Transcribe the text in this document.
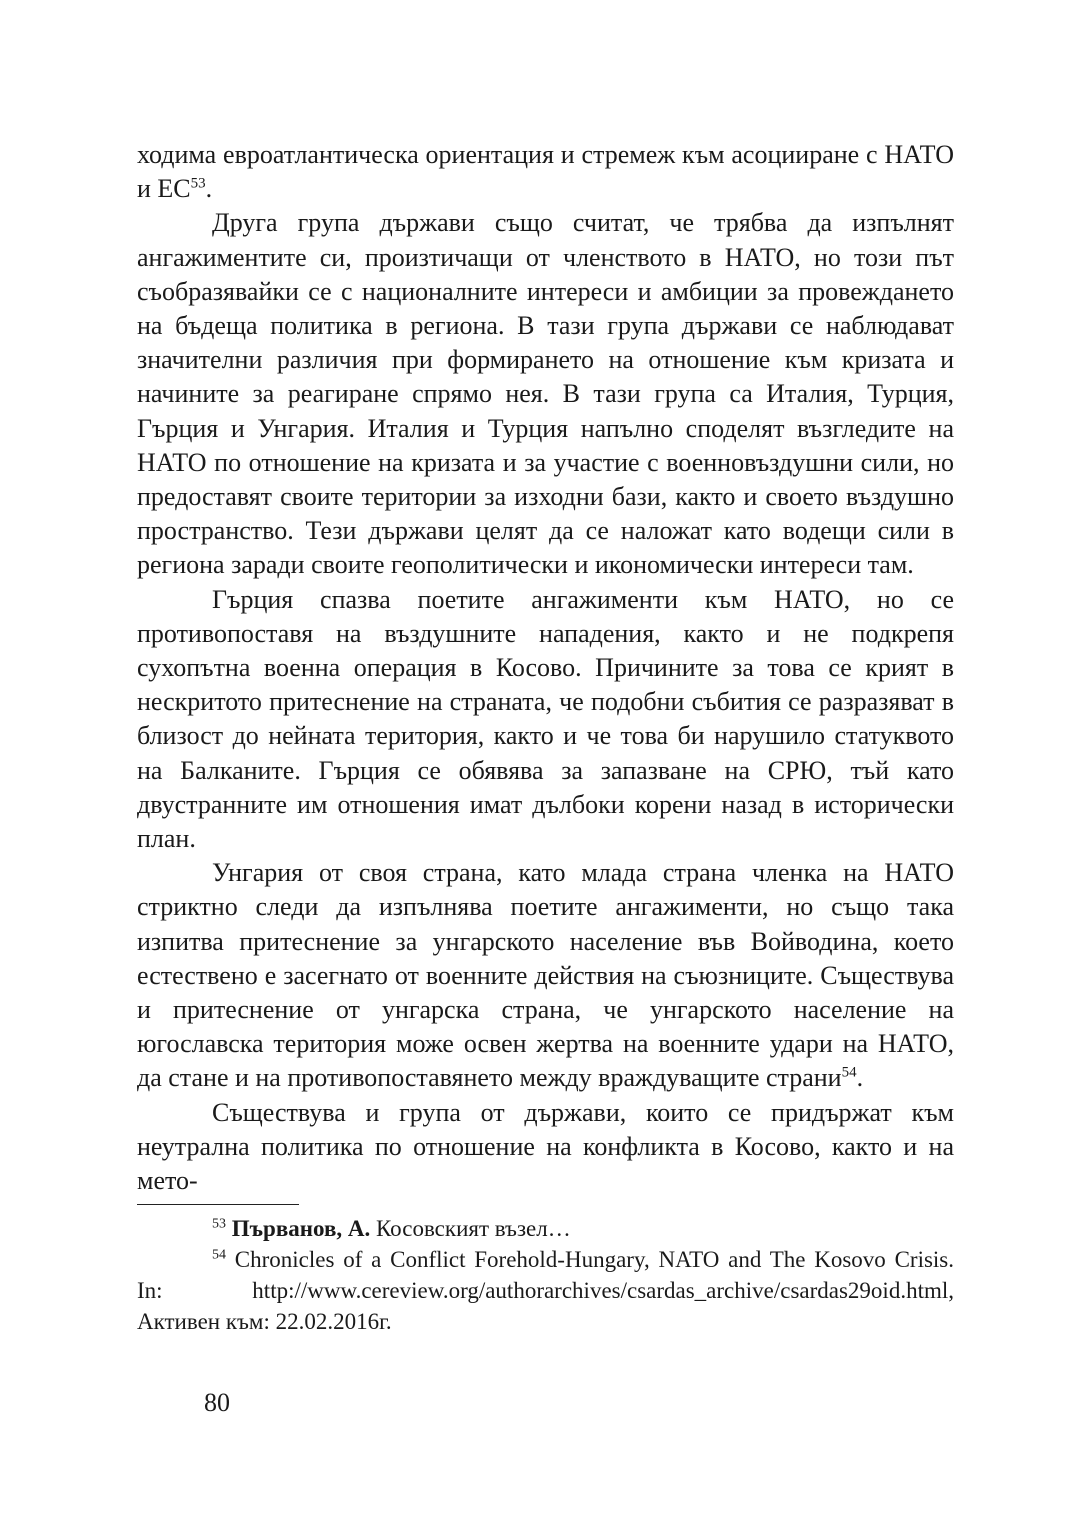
ходима евроатлантическа ориентация и стремеж към асоцииране с НАТО и ЕС$^{53}$.

Друга група държави също считат, че трябва да изпълнят ангажиментите си, произтичащи от членството в НАТО, но този път съобразявайки се с националните интереси и амбиции за провеждането на бъдеща политика в региона. В тази група държави се наблюдават значителни различия при формирането на отношение към кризата и начините за реагиране спрямо нея. В тази група са Италия, Турция, Гърция и Унгария. Италия и Турция напълно споделят възгледите на НАТО по отношение на кризата и за участие с военновъздушни сили, но предоставят своите територии за изходни бази, както и своето въздушно пространство. Тези държави целят да се наложат като водещи сили в региона заради своите геополитически и икономически интереси там.

Гърция спазва поетите ангажименти към НАТО, но се противопоставя на въздушните нападения, както и не подкрепя сухопътна военна операция в Косово. Причините за това се крият в нескритото притеснение на страната, че подобни събития се разразяват в близост до нейната територия, както и че това би нарушило статуквото на Балканите. Гърция се обявява за запазване на СРЮ, тъй като двустранните им отношения имат дълбоки корени назад в исторически план.

Унгария от своя страна, като млада страна членка на НАТО стриктно следи да изпълнява поетите ангажименти, но също така изпитва притеснение за унгарското население във Войводина, което естествено е засегнато от военните действия на съюзниците. Съществува и притеснение от унгарска страна, че унгарското население на югославска територия може освен жертва на военните удари на НАТО, да стане и на противопоставянето между враждуващите страни$^{54}$.

Съществува и група от държави, които се придържат към неутрална политика по отношение на конфликта в Косово, както и на мето-

$^{53}$ Първанов, А. Косовският възел…

$^{54}$ Chronicles of a Conflict Forehold-Hungary, NATO and The Kosovo Crisis. In: http://www.cereview.org/authorarchives/csardas_archive/csardas29oid.html, Активен към: 22.02.2016г.

80
